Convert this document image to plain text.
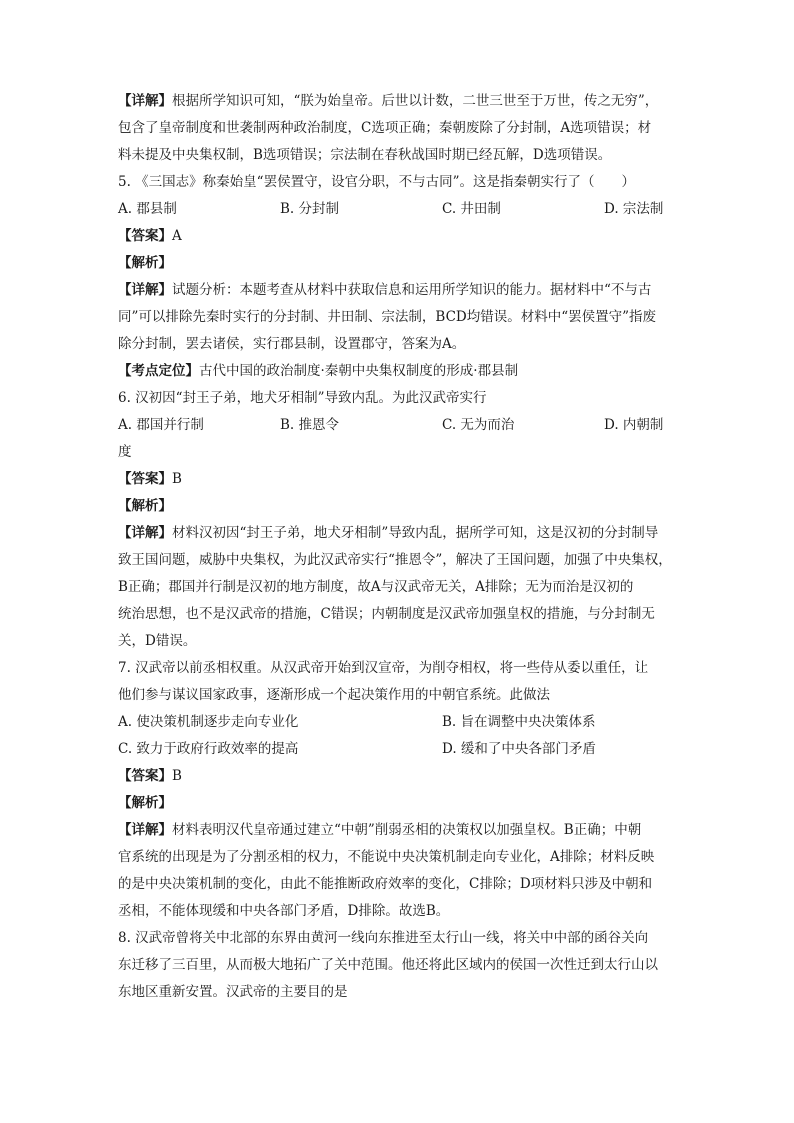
【详解】根据所学知识可知，“朕为始皇帝。后世以计数，二世三世至于万世，传之无穷”，
包含了皇帝制度和世袭制两种政治制度，C选项正确；秦朝废除了分封制，A选项错误；材
料未提及中央集权制，B选项错误；宗法制在春秋战国时期已经瓦解，D选项错误。
5. 《三国志》称秦始皇“罢侯置守，设官分职，不与古同”。这是指秦朝实行了（　　）
A. 郡县制	B. 分封制	C. 井田制	D. 宗法制
【答案】A
【解析】
【详解】试题分析：本题考查从材料中获取信息和运用所学知识的能力。据材料中“不与古
同”可以排除先秦时实行的分封制、井田制、宗法制，BCD均错误。材料中“罢侯置守”指废
除分封制，罢去诸侯，实行郡县制，设置郡守，答案为A。
【考点定位】古代中国的政治制度·秦朝中央集权制度的形成·郡县制
6. 汉初因“封王子弟，地犬牙相制”导致内乱。为此汉武帝实行
A. 郡国并行制	B. 推恩令	C. 无为而治	D. 内朝制
度
【答案】B
【解析】
【详解】材料汉初因“封王子弟，地犬牙相制”导致内乱，据所学可知，这是汉初的分封制导
致王国问题，威胁中央集权，为此汉武帝实行“推恩令”，解决了王国问题，加强了中央集权，
B正确；郡国并行制是汉初的地方制度，故A与汉武帝无关，A排除；无为而治是汉初的
统治思想，也不是汉武帝的措施，C错误；内朝制度是汉武帝加强皇权的措施，与分封制无
关，D错误。
7. 汉武帝以前丞相权重。从汉武帝开始到汉宣帝，为削夺相权，将一些侍从委以重任，让
他们参与谋议国家政事，逐渐形成一个起决策作用的中朝官系统。此做法
A. 使决策机制逐步走向专业化	B. 旨在调整中央决策体系
C. 致力于政府行政效率的提高	D. 缓和了中央各部门矛盾
【答案】B
【解析】
【详解】材料表明汉代皇帝通过建立“中朝”削弱丞相的决策权以加强皇权。B正确；中朝
官系统的出现是为了分割丞相的权力，不能说中央决策机制走向专业化，A排除；材料反映
的是中央决策机制的变化，由此不能推断政府效率的变化，C排除；D项材料只涉及中朝和
丞相，不能体现缓和中央各部门矛盾，D排除。故选B。
8. 汉武帝曾将关中北部的东界由黄河一线向东推进至太行山一线，将关中中部的函谷关向
东迁移了三百里，从而极大地拓广了关中范围。他还将此区域内的侯国一次性迁到太行山以
东地区重新安置。汉武帝的主要目的是
